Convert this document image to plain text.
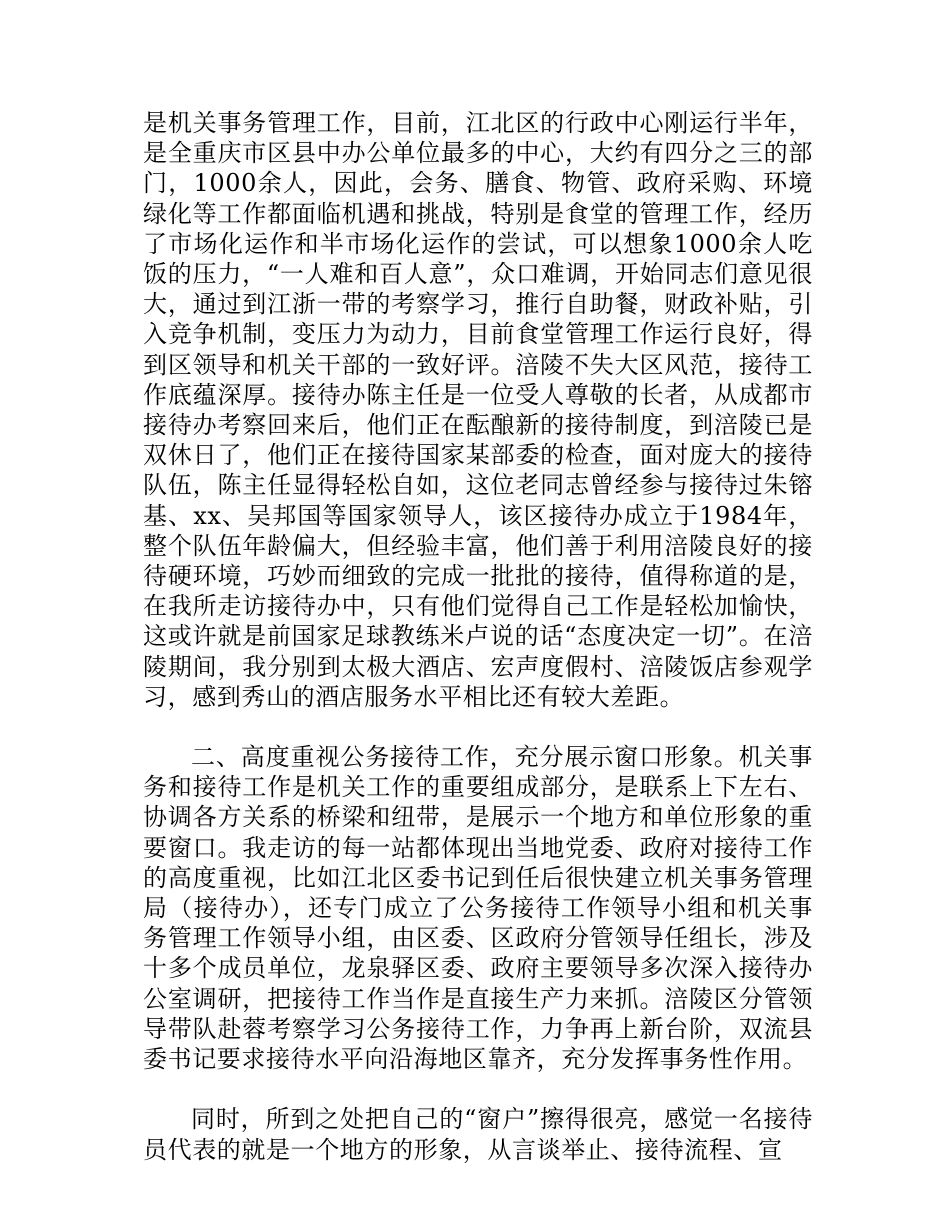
是机关事务管理工作，目前，江北区的行政中心刚运行半年，是全重庆市区县中办公单位最多的中心，大约有四分之三的部门，1000余人，因此，会务、膳食、物管、政府采购、环境绿化等工作都面临机遇和挑战，特别是食堂的管理工作，经历了市场化运作和半市场化运作的尝试，可以想象1000余人吃饭的压力，“一人难和百人意”，众口难调，开始同志们意见很大，通过到江浙一带的考察学习，推行自助餐，财政补贴，引入竞争机制，变压力为动力，目前食堂管理工作运行良好，得到区领导和机关干部的一致好评。涪陵不失大区风范，接待工作底蕴深厚。接待办陈主任是一位受人尊敬的长者，从成都市接待办考察回来后，他们正在酝酿新的接待制度，到涪陵已是双休日了，他们正在接待国家某部委的检查，面对庞大的接待队伍，陈主任显得轻松自如，这位老同志曾经参与接待过朱镕基、xx、吴邦国等国家领导人，该区接待办成立于1984年，整个队伍年龄偏大，但经验丰富，他们善于利用涪陵良好的接待硬环境，巧妙而细致的完成一批批的接待，值得称道的是，在我所走访接待办中，只有他们觉得自己工作是轻松加愉快，这或许就是前国家足球教练米卢说的话“态度决定一切”。在涪陵期间，我分别到太极大酒店、宏声度假村、涪陵饭店参观学习，感到秀山的酒店服务水平相比还有较大差距。

二、高度重视公务接待工作，充分展示窗口形象。机关事务和接待工作是机关工作的重要组成部分，是联系上下左右、协调各方关系的桥梁和纽带，是展示一个地方和单位形象的重要窗口。我走访的每一站都体现出当地党委、政府对接待工作的高度重视，比如江北区委书记到任后很快建立机关事务管理局（接待办），还专门成立了公务接待工作领导小组和机关事务管理工作领导小组，由区委、区政府分管领导任组长，涉及十多个成员单位，龙泉驿区委、政府主要领导多次深入接待办公室调研，把接待工作当作是直接生产力来抓。涪陵区分管领导带队赴蓉考察学习公务接待工作，力争再上新台阶，双流县委书记要求接待水平向沿海地区靠齐，充分发挥事务性作用。

同时，所到之处把自己的“窗户”擦得很亮，感觉一名接待员代表的就是一个地方的形象，从言谈举止、接待流程、宣
